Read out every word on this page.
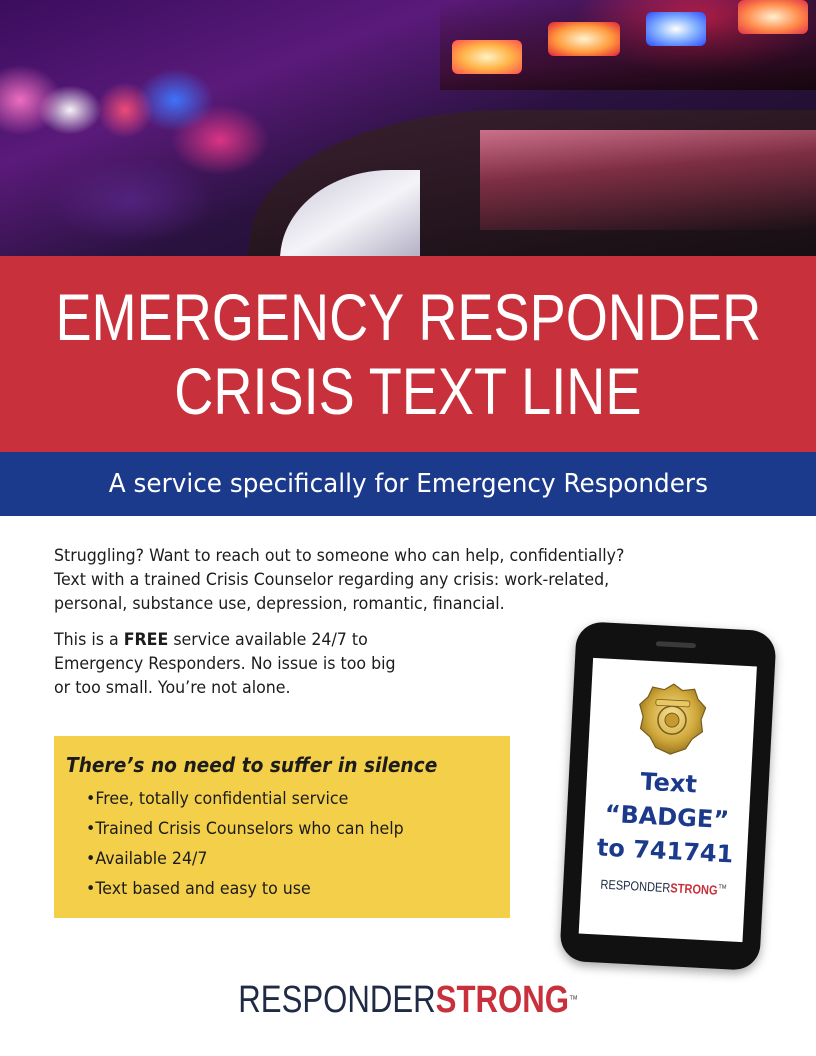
EMERGENCY RESPONDER
CRISIS TEXT LINE
A service specifically for Emergency Responders

Struggling? Want to reach out to someone who can help, confidentially?

Text with a trained Crisis Counselor regarding any crisis: work-related,

personal, substance use, depression, romantic, financial.

This is a FREE service available 24/7 to
Emergency Responders. No issue is too big
or too small. You’re not alone.
There’s no need to suffer in silence
• Free, totally confidential service
• Trained Crisis Counselors who can help
• Available 24/7
• Text based and easy to use
Text
“BADGE”
to 741741
RESPONDERSTRONG™
RESPONDERSTRONG™
